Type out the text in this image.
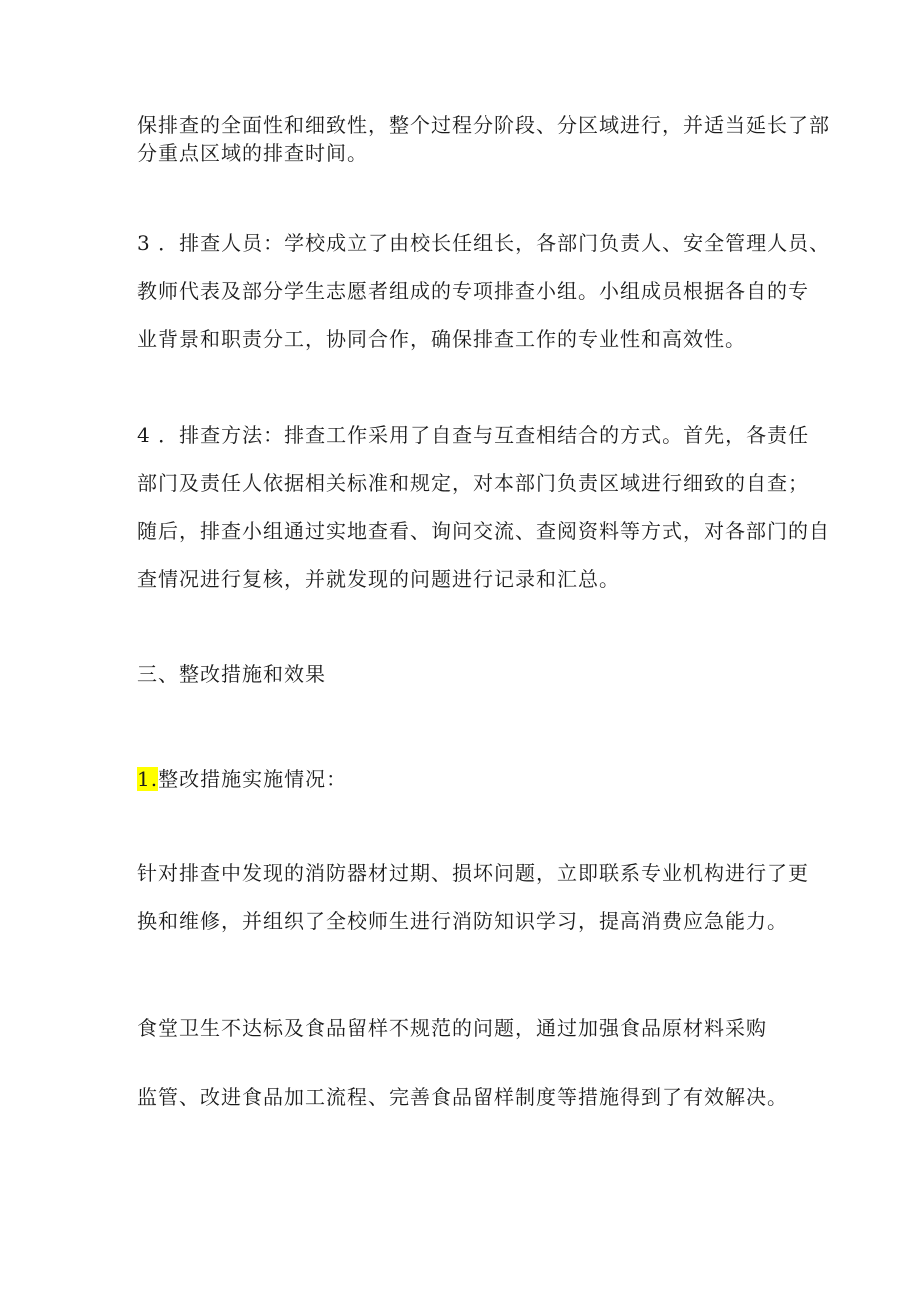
保排查的全面性和细致性，整个过程分阶段、分区域进行，并适当延长了部
分重点区域的排查时间。
3 ．排查人员：学校成立了由校长任组长，各部门负责人、安全管理人员、
教师代表及部分学生志愿者组成的专项排查小组。小组成员根据各自的专
业背景和职责分工，协同合作，确保排查工作的专业性和高效性。
4 ．排查方法：排查工作采用了自查与互查相结合的方式。首先，各责任
部门及责任人依据相关标准和规定，对本部门负责区域进行细致的自查；
随后，排查小组通过实地查看、询问交流、查阅资料等方式，对各部门的自
查情况进行复核，并就发现的问题进行记录和汇总。
三、整改措施和效果
1.整改措施实施情况：
针对排查中发现的消防器材过期、损坏问题，立即联系专业机构进行了更
换和维修，并组织了全校师生进行消防知识学习，提高消费应急能力。
食堂卫生不达标及食品留样不规范的问题，通过加强食品原材料采购
监管、改进食品加工流程、完善食品留样制度等措施得到了有效解决。
